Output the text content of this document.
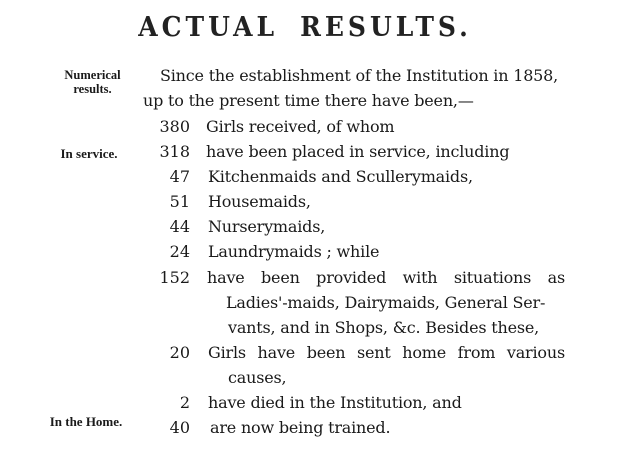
ACTUAL RESULTS.
Numerical
results.
In service.
In the Home.
Since the establishment of the Institution in 1858,
up to the present time there have been,—
380 Girls received, of whom
318 have been placed in service, including
47 Kitchenmaids and Scullerymaids,
51 Housemaids,
44 Nurserymaids,
24 Laundrymaids ; while
152 have been provided with situations as
Ladies'-maids, Dairymaids, General Ser-
vants, and in Shops, &c. Besides these,
20 Girls have been sent home from various
causes,
2 have died in the Institution, and
40 are now being trained.
